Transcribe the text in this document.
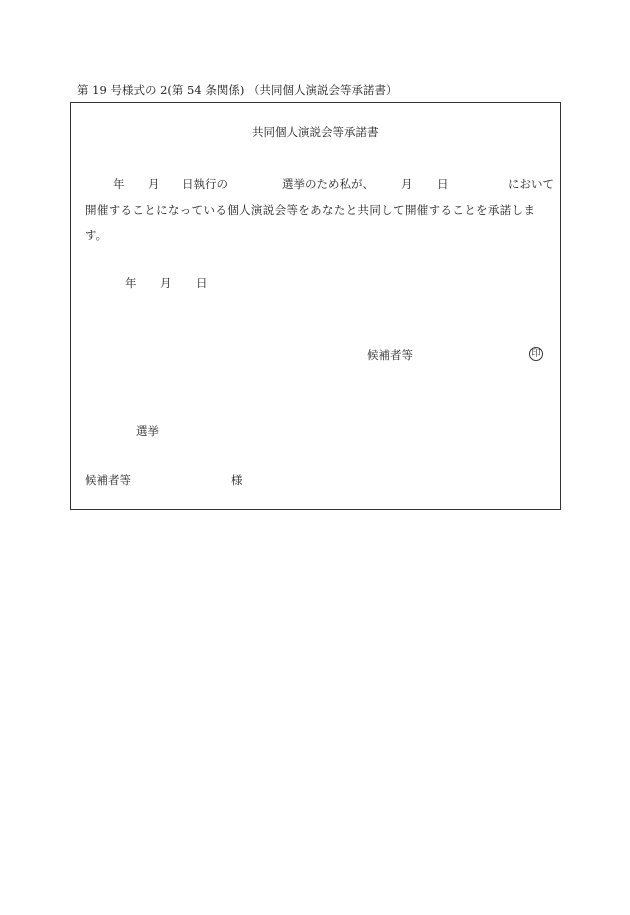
第 19 号様式の 2(第 54 条関係) （共同個人演説会等承諾書）
共同個人演説会等承諾書
年 月 日執行の	選挙のため私が、 月 日	において
開催することになっている個人演説会等をあなたと共同して開催することを承諾しま
す。
年 月 日
候補者等	印
選挙
候補者等	様
